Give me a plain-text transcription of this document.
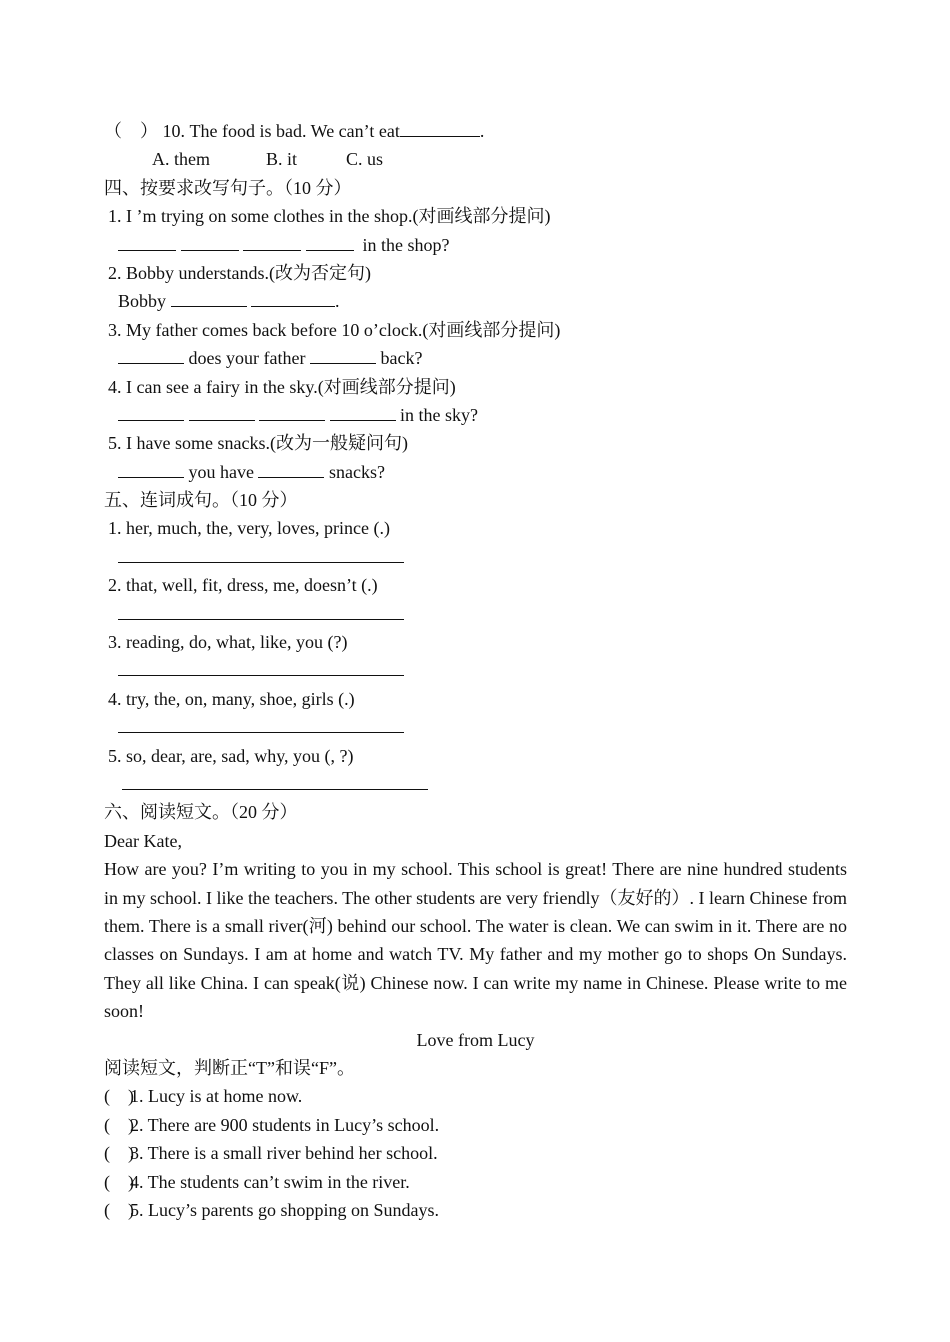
（    ） 10. The food is bad. We can’t eat	.
A. them	B. it	C. us
四、按要求改写句子。（10 分）
1. I ’m trying on some clothes in the shop.(对画线部分提问)
in the shop?
2. Bobby understands.(改为否定句)
Bobby	.
3. My father comes back before 10 o’clock.(对画线部分提问)
does your father	back?
4. I can see a fairy in the sky.(对画线部分提问)
in the sky?
5. I have some snacks.(改为一般疑问句)
you have	snacks?
五、连词成句。（10 分）
1. her, much, the, very, loves, prince (.)
2. that, well, fit, dress, me, doesn’t (.)
3. reading, do, what, like, you (?)
4. try, the, on, many, shoe, girls (.)
5. so, dear, are, sad, why, you (, ?)
六、阅读短文。（20 分）
Dear Kate,

How are you? I’m writing to you in my school. This school is great! There are nine hundred students in my school. I like the teachers. The other students are very friendly（友好的）. I learn Chinese from them. There is a small river(河) behind our school. The water is clean. We can swim in it. There are no classes on Sundays. I am at home and watch TV. My father and my mother go to shops On Sundays. They all like China. I can speak(说) Chinese now. I can write my name in Chinese. Please write to me soon!

Love from Lucy
阅读短文，判断正“T”和误“F”。
(    )1. Lucy is at home now.
(    )2. There are 900 students in Lucy’s school.
(    )3. There is a small river behind her school.
(    )4. The students can’t swim in the river.
(    )5. Lucy’s parents go shopping on Sundays.
